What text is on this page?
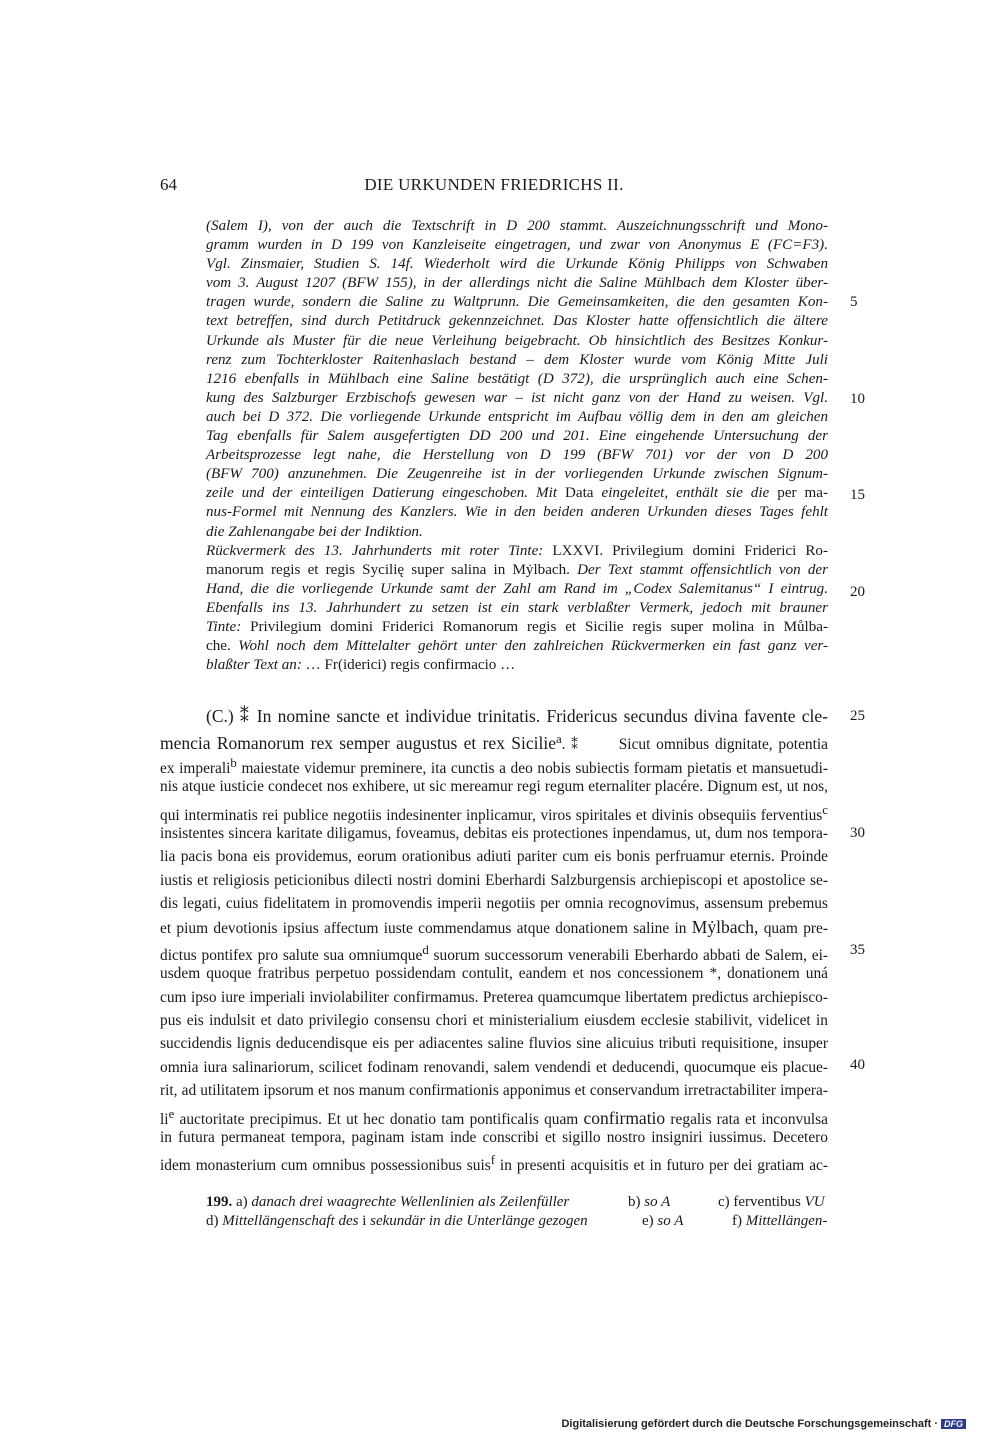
64	DIE URKUNDEN FRIEDRICHS II.
(Salem I), von der auch die Textschrift in D 200 stammt. Auszeichnungsschrift und Mono-
gramm wurden in D 199 von Kanzleiseite eingetragen, und zwar von Anonymus E (FC=F3).
Vgl. Zinsmaier, Studien S. 14f. Wiederholt wird die Urkunde König Philipps von Schwaben
vom 3. August 1207 (BFW 155), in der allerdings nicht die Saline Mühlbach dem Kloster über-
tragen wurde, sondern die Saline zu Waltprunn. Die Gemeinsamkeiten, die den gesamten Kon-
text betreffen, sind durch Petitdruck gekennzeichnet. Das Kloster hatte offensichtlich die ältere
Urkunde als Muster für die neue Verleihung beigebracht. Ob hinsichtlich des Besitzes Konkur-
renz zum Tochterkloster Raitenhaslach bestand – dem Kloster wurde vom König Mitte Juli
1216 ebenfalls in Mühlbach eine Saline bestätigt (D 372), die ursprünglich auch eine Schen-
kung des Salzburger Erzbischofs gewesen war – ist nicht ganz von der Hand zu weisen. Vgl.
auch bei D 372. Die vorliegende Urkunde entspricht im Aufbau völlig dem in den am gleichen
Tag ebenfalls für Salem ausgefertigten DD 200 und 201. Eine eingehende Untersuchung der
Arbeitsprozesse legt nahe, die Herstellung von D 199 (BFW 701) vor der von D 200
(BFW 700) anzunehmen. Die Zeugenreihe ist in der vorliegenden Urkunde zwischen Signum-
zeile und der einteiligen Datierung eingeschoben. Mit Data eingeleitet, enthält sie die per ma-
nus-Formel mit Nennung des Kanzlers. Wie in den beiden anderen Urkunden dieses Tages fehlt
die Zahlenangabe bei der Indiktion.
Rückvermerk des 13. Jahrhunderts mit roter Tinte: LXXVI. Privilegium domini Friderici Ro-
manorum regis et regis Sycilię super salina in Mẏlbach. Der Text stammt offensichtlich von der
Hand, die die vorliegende Urkunde samt der Zahl am Rand im „Codex Salemitanus“ I eintrug.
Ebenfalls ins 13. Jahrhundert zu setzen ist ein stark verblaßter Vermerk, jedoch mit brauner
Tinte: Privilegium domini Friderici Romanorum regis et Sicilie regis super molina in Můlba-
che. Wohl noch dem Mittelalter gehört unter den zahlreichen Rückvermerken ein fast ganz ver-
blaßter Text an: … Fr(iderici) regis confirmacio …
(C.) ⁑ In nomine sancte et individue trinitatis. Fridericus secundus divina favente cle-
mencia Romanorum rex semper augustus et rex Sicilie$^a$. ⁑	Sicut omnibus dignitate, potentia
ex imperali$^b$ maiestate videmur preminere, ita cunctis a deo nobis subiectis formam pietatis et mansuetudi-
nis atque iusticie condecet nos exhibere, ut sic mereamur regi regum eternaliter placére. Dignum est, ut nos,
qui interminatis rei publice negotiis indesinenter inplicamur, viros spiritales et divinis obsequiis ferventius$^c$
insistentes sincera karitate diligamus, foveamus, debitas eis protectiones inpendamus, ut, dum nos tempora-
lia pacis bona eis providemus, eorum orationibus adiuti pariter cum eis bonis perfruamur eternis. Proinde
iustis et religiosis peticionibus dilecti nostri domini Eberhardi Salzburgensis archiepiscopi et apostolice se-
dis legati, cuius fidelitatem in promovendis imperii negotiis per omnia recognovimus, assensum prebemus
et pium devotionis ipsius affectum iuste commendamus atque donationem saline in Mẏlbach, quam pre-
dictus pontifex pro salute sua omniumque$^d$ suorum successorum venerabili Eberhardo abbati de Salem, ei-
usdem quoque fratribus perpetuo possidendam contulit, eandem et nos concessionem *, donationem uná
cum ipso iure imperiali inviolabiliter confirmamus. Preterea quamcumque libertatem predictus archiepisco-
pus eis indulsit et dato privilegio consensu chori et ministerialium eiusdem ecclesie stabilivit, videlicet in
succidendis lignis deducendisque eis per adiacentes saline fluvios sine alicuius tributi requisitione, insuper
omnia iura salinariorum, scilicet fodinam renovandi, salem vendendi et deducendi, quocumque eis placue-
rit, ad utilitatem ipsorum et nos manum confirmationis apponimus et conservandum irretractabiliter impera-
$li^e$ auctoritate precipimus. Et ut hec donatio tam pontificalis quam confirmatio regalis rata et inconvulsa
in futura permaneat tempora, paginam istam inde conscribi et sigillo nostro insigniri iussimus. Decetero
idem monasterium cum omnibus possessionibus suis$^f$ in presenti acquisitis et in futuro per dei gratiam ac-
5
10
15
20
25
30
35
40
199. a) danach drei waagrechte Wellenlinien als Zeilenfüller	b) so A	c) ferventibus VU
d) Mittellängenschaft des i sekundär in die Unterlänge gezogen	e) so A	f) Mittellängen-
Digitalisierung gefördert durch die Deutsche Forschungsgemeinschaft · DFG
